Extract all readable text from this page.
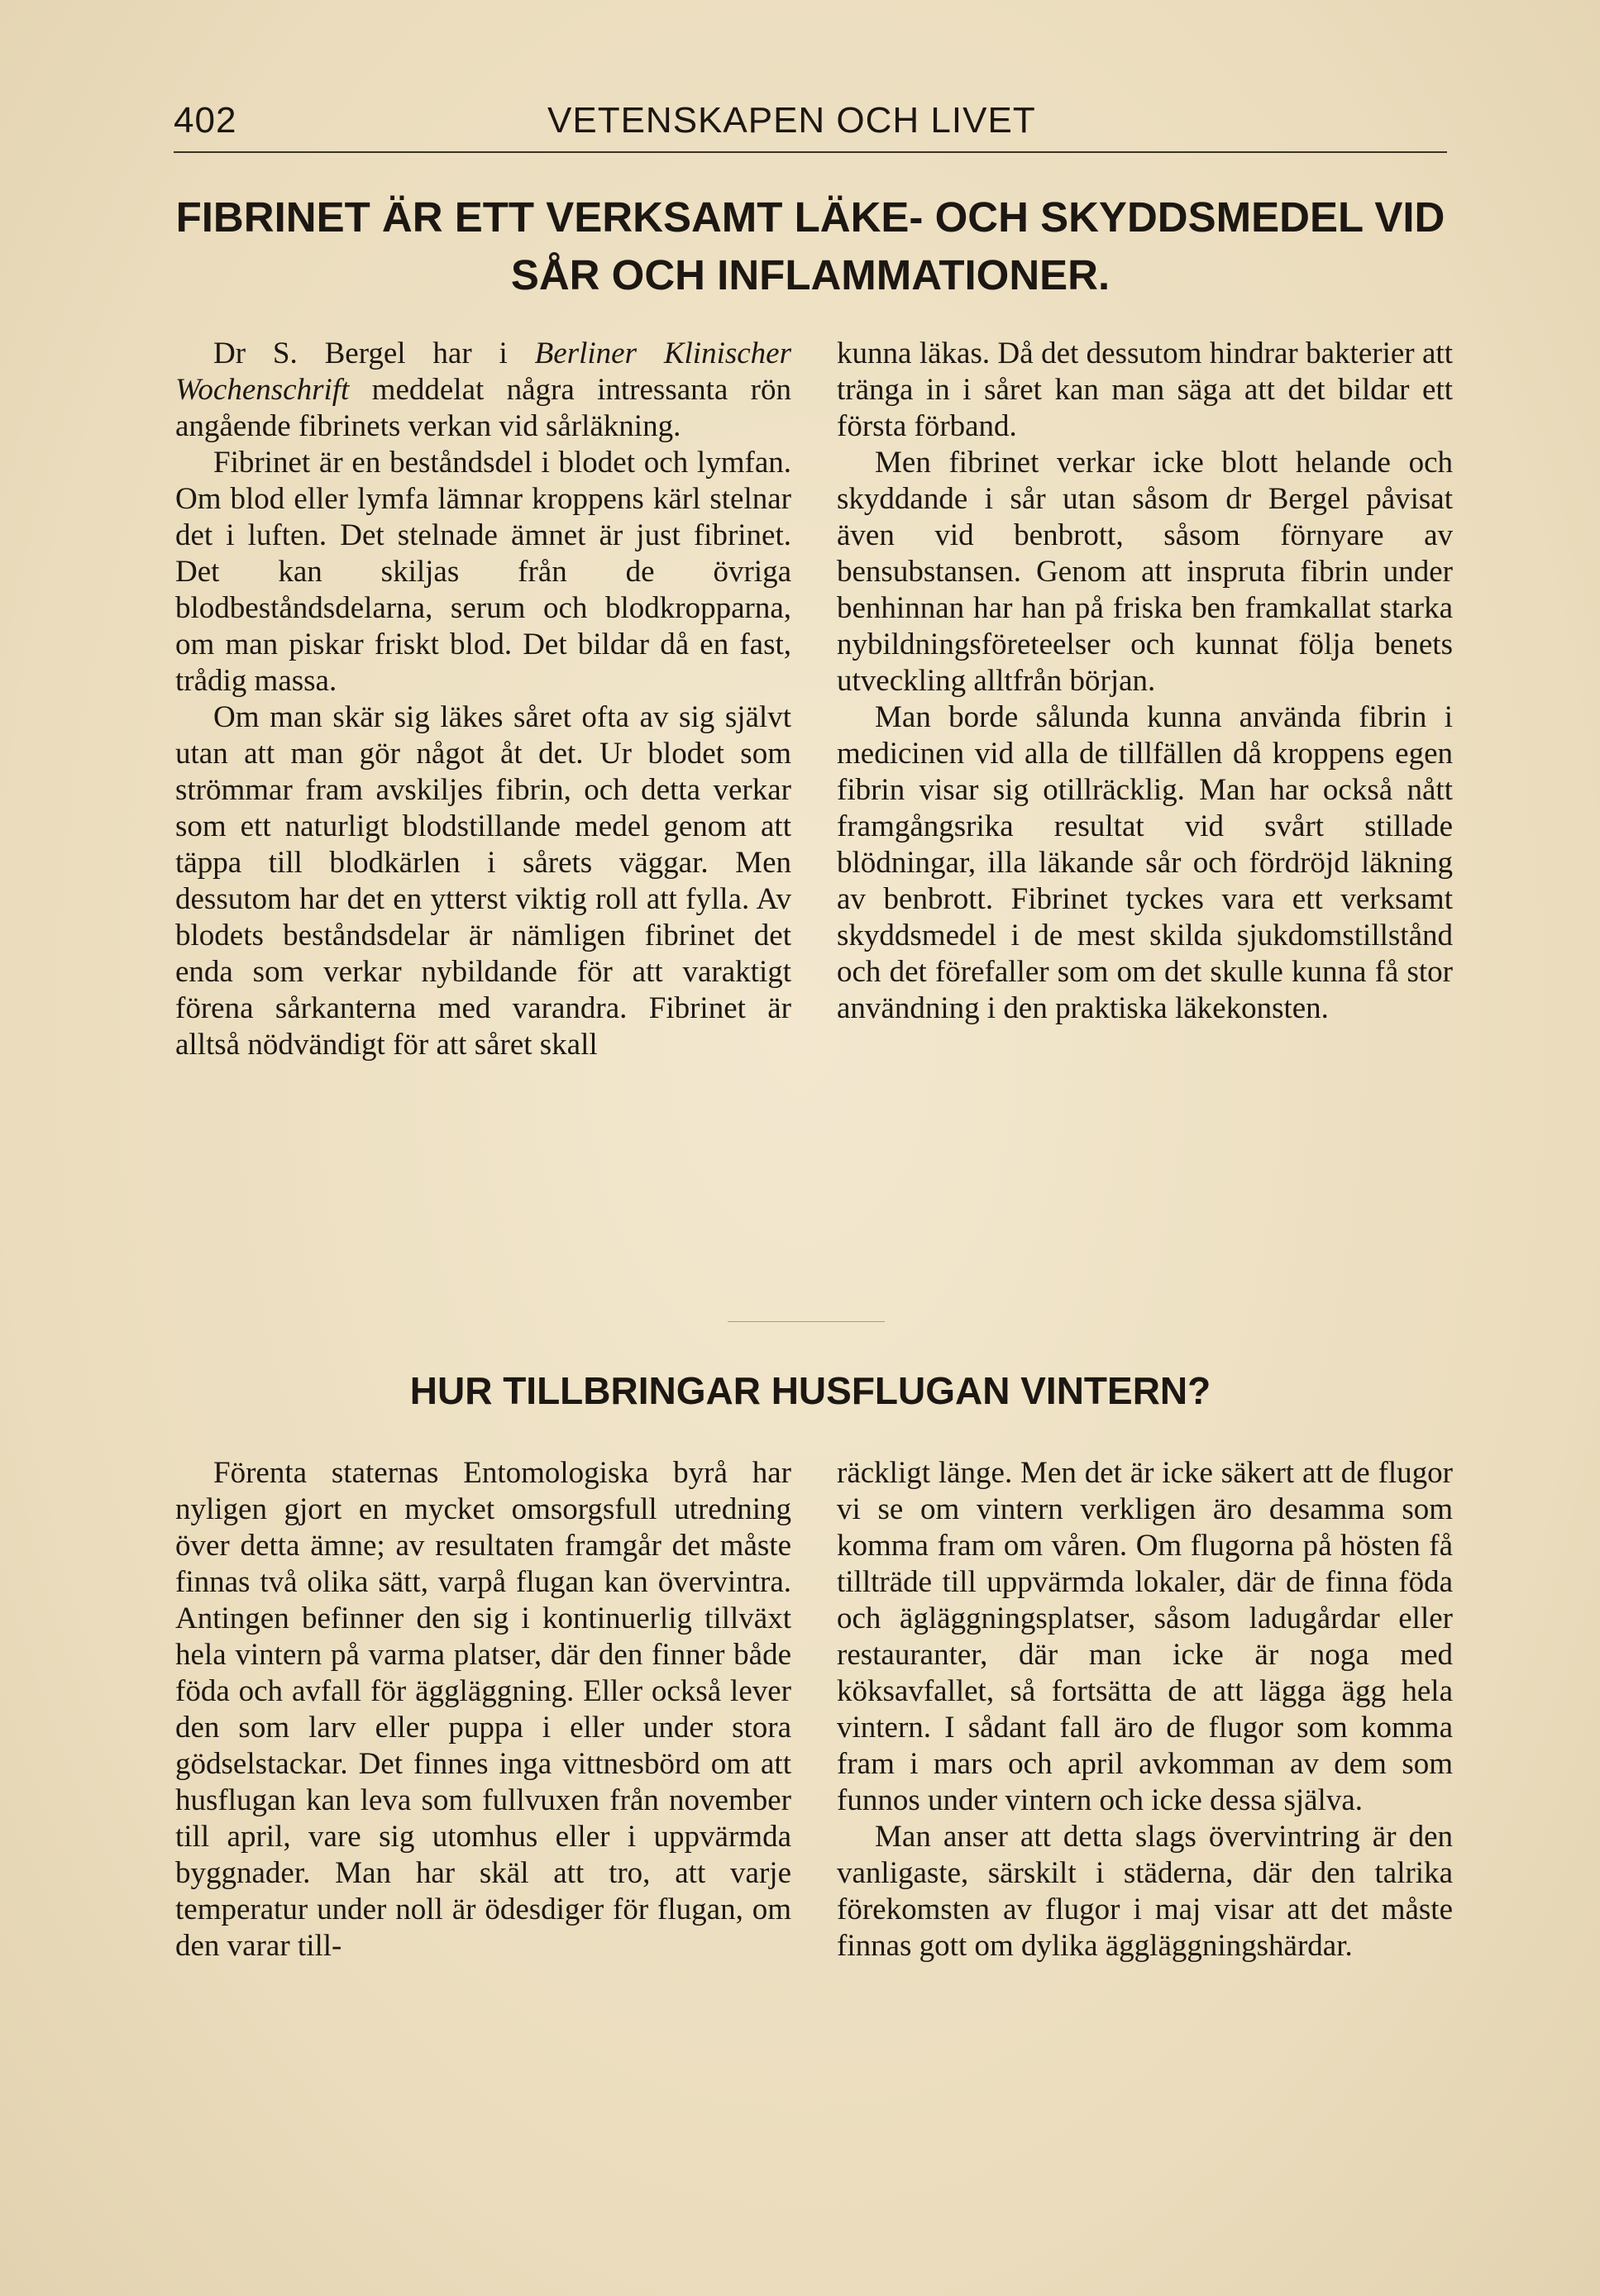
402	VETENSKAPEN OCH LIVET
FIBRINET ÄR ETT VERKSAMT LÄKE- OCH SKYDDSMEDEL VID SÅR OCH INFLAMMATIONER.

Dr S. Bergel har i Berliner Klinischer Wochenschrift meddelat några intressanta rön angående fibrinets verkan vid sårläkning.

Fibrinet är en beståndsdel i blodet och lymfan. Om blod eller lymfa lämnar kroppens kärl stelnar det i luften. Det stelnade ämnet är just fibrinet. Det kan skiljas från de övriga blodbeståndsdelarna, serum och blodkropparna, om man piskar friskt blod. Det bildar då en fast, trådig massa.

Om man skär sig läkes såret ofta av sig självt utan att man gör något åt det. Ur blodet som strömmar fram avskiljes fibrin, och detta verkar som ett naturligt blodstillande medel genom att täppa till blodkärlen i sårets väggar. Men dessutom har det en ytterst viktig roll att fylla. Av blodets beståndsdelar är nämligen fibrinet det enda som verkar nybildande för att varaktigt förena sårkanterna med varandra. Fibrinet är alltså nödvändigt för att såret skall

kunna läkas. Då det dessutom hindrar bakterier att tränga in i såret kan man säga att det bildar ett första förband.

Men fibrinet verkar icke blott helande och skyddande i sår utan såsom dr Bergel påvisat även vid benbrott, såsom förnyare av bensubstansen. Genom att inspruta fibrin under benhinnan har han på friska ben framkallat starka nybildningsföreteelser och kunnat följa benets utveckling alltfrån början.

Man borde sålunda kunna använda fibrin i medicinen vid alla de tillfällen då kroppens egen fibrin visar sig otillräcklig. Man har också nått framgångsrika resultat vid svårt stillade blödningar, illa läkande sår och fördröjd läkning av benbrott. Fibrinet tyckes vara ett verksamt skyddsmedel i de mest skilda sjukdomstillstånd och det förefaller som om det skulle kunna få stor användning i den praktiska läkekonsten.

HUR TILLBRINGAR HUSFLUGAN VINTERN?

Förenta staternas Entomologiska byrå har nyligen gjort en mycket omsorgsfull utredning över detta ämne; av resultaten framgår det måste finnas två olika sätt, varpå flugan kan övervintra. Antingen befinner den sig i kontinuerlig tillväxt hela vintern på varma platser, där den finner både föda och avfall för äggläggning. Eller också lever den som larv eller puppa i eller under stora gödselstackar. Det finnes inga vittnesbörd om att husflugan kan leva som fullvuxen från november till april, vare sig utomhus eller i uppvärmda byggnader. Man har skäl att tro, att varje temperatur under noll är ödesdiger för flugan, om den varar till-

räckligt länge. Men det är icke säkert att de flugor vi se om vintern verkligen äro desamma som komma fram om våren. Om flugorna på hösten få tillträde till uppvärmda lokaler, där de finna föda och ägläggningsplatser, såsom ladugårdar eller restauranter, där man icke är noga med köksavfallet, så fortsätta de att lägga ägg hela vintern. I sådant fall äro de flugor som komma fram i mars och april avkomman av dem som funnos under vintern och icke dessa själva.

Man anser att detta slags övervintring är den vanligaste, särskilt i städerna, där den talrika förekomsten av flugor i maj visar att det måste finnas gott om dylika äggläggningshärdar.
